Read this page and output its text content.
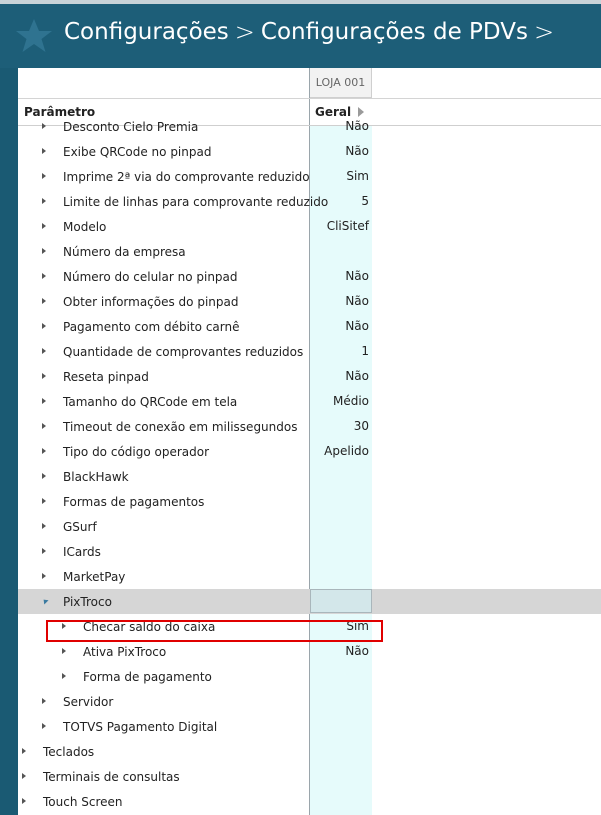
Configurações > Configurações de PDVs >
LOJA 001
Parâmetro	Geral
Desconto Cielo Premia	Não
Exibe QRCode no pinpad	Não
Imprime 2ª via do comprovante reduzido	Sim
Limite de linhas para comprovante reduzido	5
Modelo	CliSitef
Número da empresa
Número do celular no pinpad	Não
Obter informações do pinpad	Não
Pagamento com débito carnê	Não
Quantidade de comprovantes reduzidos	1
Reseta pinpad	Não
Tamanho do QRCode em tela	Médio
Timeout de conexão em milissegundos	30
Tipo do código operador	Apelido
BlackHawk
Formas de pagamentos
GSurf
ICards
MarketPay
PixTroco
Checar saldo do caixa	Sim
Ativa PixTroco	Não
Forma de pagamento
Servidor
TOTVS Pagamento Digital
Teclados
Terminais de consultas
Touch Screen
